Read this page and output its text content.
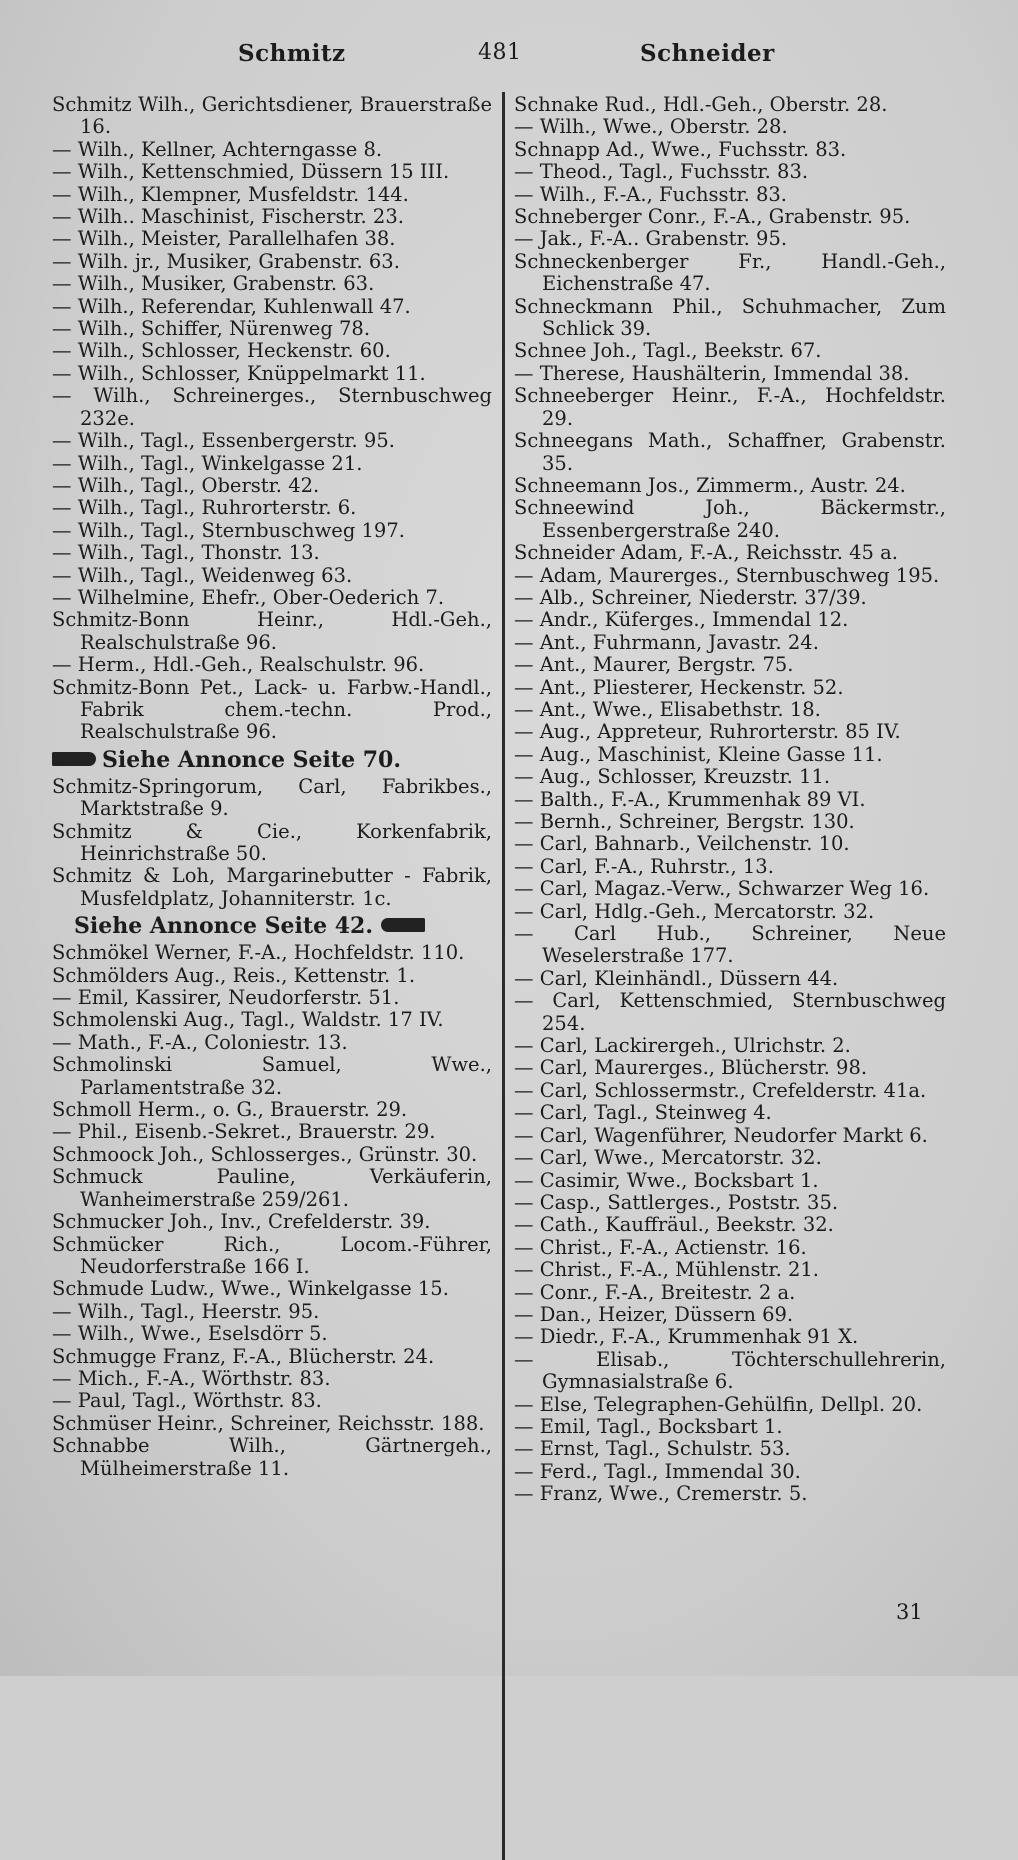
Schmitz	481	Schneider
Schmitz Wilh., Gerichtsdiener, Brauerstraße 16.
— Wilh., Kellner, Achterngasse 8.
— Wilh., Kettenschmied, Düssern 15 III.
— Wilh., Klempner, Musfeldstr. 144.
— Wilh.. Maschinist, Fischerstr. 23.
— Wilh., Meister, Parallelhafen 38.
— Wilh. jr., Musiker, Grabenstr. 63.
— Wilh., Musiker, Grabenstr. 63.
— Wilh., Referendar, Kuhlenwall 47.
— Wilh., Schiffer, Nürenweg 78.
— Wilh., Schlosser, Heckenstr. 60.
— Wilh., Schlosser, Knüppelmarkt 11.
— Wilh., Schreinerges., Sternbuschweg 232e.
— Wilh., Tagl., Essenbergerstr. 95.
— Wilh., Tagl., Winkelgasse 21.
— Wilh., Tagl., Oberstr. 42.
— Wilh., Tagl., Ruhrorterstr. 6.
— Wilh., Tagl., Sternbuschweg 197.
— Wilh., Tagl., Thonstr. 13.
— Wilh., Tagl., Weidenweg 63.
— Wilhelmine, Ehefr., Ober-Oederich 7.
Schmitz-Bonn Heinr., Hdl.-Geh., Realschulstraße 96.
— Herm., Hdl.-Geh., Realschulstr. 96.
Schmitz-Bonn Pet., Lack- u. Farbw.-Handl., Fabrik chem.-techn. Prod., Realschulstraße 96.
Siehe Annonce Seite 70.
Schmitz-Springorum, Carl, Fabrikbes., Marktstraße 9.
Schmitz & Cie., Korkenfabrik, Heinrichstraße 50.
Schmitz & Loh, Margarinebutter - Fabrik, Musfeldplatz, Johanniterstr. 1c.
Siehe Annonce Seite 42.
Schmökel Werner, F.-A., Hochfeldstr. 110.
Schmölders Aug., Reis., Kettenstr. 1.
— Emil, Kassirer, Neudorferstr. 51.
Schmolenski Aug., Tagl., Waldstr. 17 IV.
— Math., F.-A., Coloniestr. 13.
Schmolinski Samuel, Wwe., Parlamentstraße 32.
Schmoll Herm., o. G., Brauerstr. 29.
— Phil., Eisenb.-Sekret., Brauerstr. 29.
Schmoock Joh., Schlosserges., Grünstr. 30.
Schmuck Pauline, Verkäuferin, Wanheimerstraße 259/261.
Schmucker Joh., Inv., Crefelderstr. 39.
Schmücker Rich., Locom.-Führer, Neudorferstraße 166 I.
Schmude Ludw., Wwe., Winkelgasse 15.
— Wilh., Tagl., Heerstr. 95.
— Wilh., Wwe., Eselsdörr 5.
Schmugge Franz, F.-A., Blücherstr. 24.
— Mich., F.-A., Wörthstr. 83.
— Paul, Tagl., Wörthstr. 83.
Schmüser Heinr., Schreiner, Reichsstr. 188.
Schnabbe Wilh., Gärtnergeh., Mülheimerstraße 11.
Schnake Rud., Hdl.-Geh., Oberstr. 28.
— Wilh., Wwe., Oberstr. 28.
Schnapp Ad., Wwe., Fuchsstr. 83.
— Theod., Tagl., Fuchsstr. 83.
— Wilh., F.-A., Fuchsstr. 83.
Schneberger Conr., F.-A., Grabenstr. 95.
— Jak., F.-A.. Grabenstr. 95.
Schneckenberger Fr., Handl.-Geh., Eichenstraße 47.
Schneckmann Phil., Schuhmacher, Zum Schlick 39.
Schnee Joh., Tagl., Beekstr. 67.
— Therese, Haushälterin, Immendal 38.
Schneeberger Heinr., F.-A., Hochfeldstr. 29.
Schneegans Math., Schaffner, Grabenstr. 35.
Schneemann Jos., Zimmerm., Austr. 24.
Schneewind Joh., Bäckermstr., Essenbergerstraße 240.
Schneider Adam, F.-A., Reichsstr. 45 a.
— Adam, Maurerges., Sternbuschweg 195.
— Alb., Schreiner, Niederstr. 37/39.
— Andr., Küferges., Immendal 12.
— Ant., Fuhrmann, Javastr. 24.
— Ant., Maurer, Bergstr. 75.
— Ant., Pliesterer, Heckenstr. 52.
— Ant., Wwe., Elisabethstr. 18.
— Aug., Appreteur, Ruhrorterstr. 85 IV.
— Aug., Maschinist, Kleine Gasse 11.
— Aug., Schlosser, Kreuzstr. 11.
— Balth., F.-A., Krummenhak 89 VI.
— Bernh., Schreiner, Bergstr. 130.
— Carl, Bahnarb., Veilchenstr. 10.
— Carl, F.-A., Ruhrstr., 13.
— Carl, Magaz.-Verw., Schwarzer Weg 16.
— Carl, Hdlg.-Geh., Mercatorstr. 32.
— Carl Hub., Schreiner, Neue Weselerstraße 177.
— Carl, Kleinhändl., Düssern 44.
— Carl, Kettenschmied, Sternbuschweg 254.
— Carl, Lackirergeh., Ulrichstr. 2.
— Carl, Maurerges., Blücherstr. 98.
— Carl, Schlossermstr., Crefelderstr. 41a.
— Carl, Tagl., Steinweg 4.
— Carl, Wagenführer, Neudorfer Markt 6.
— Carl, Wwe., Mercatorstr. 32.
— Casimir, Wwe., Bocksbart 1.
— Casp., Sattlerges., Poststr. 35.
— Cath., Kauffräul., Beekstr. 32.
— Christ., F.-A., Actienstr. 16.
— Christ., F.-A., Mühlenstr. 21.
— Conr., F.-A., Breitestr. 2 a.
— Dan., Heizer, Düssern 69.
— Diedr., F.-A., Krummenhak 91 X.
— Elisab., Töchterschullehrerin, Gymnasialstraße 6.
— Else, Telegraphen-Gehülfin, Dellpl. 20.
— Emil, Tagl., Bocksbart 1.
— Ernst, Tagl., Schulstr. 53.
— Ferd., Tagl., Immendal 30.
— Franz, Wwe., Cremerstr. 5.
31
